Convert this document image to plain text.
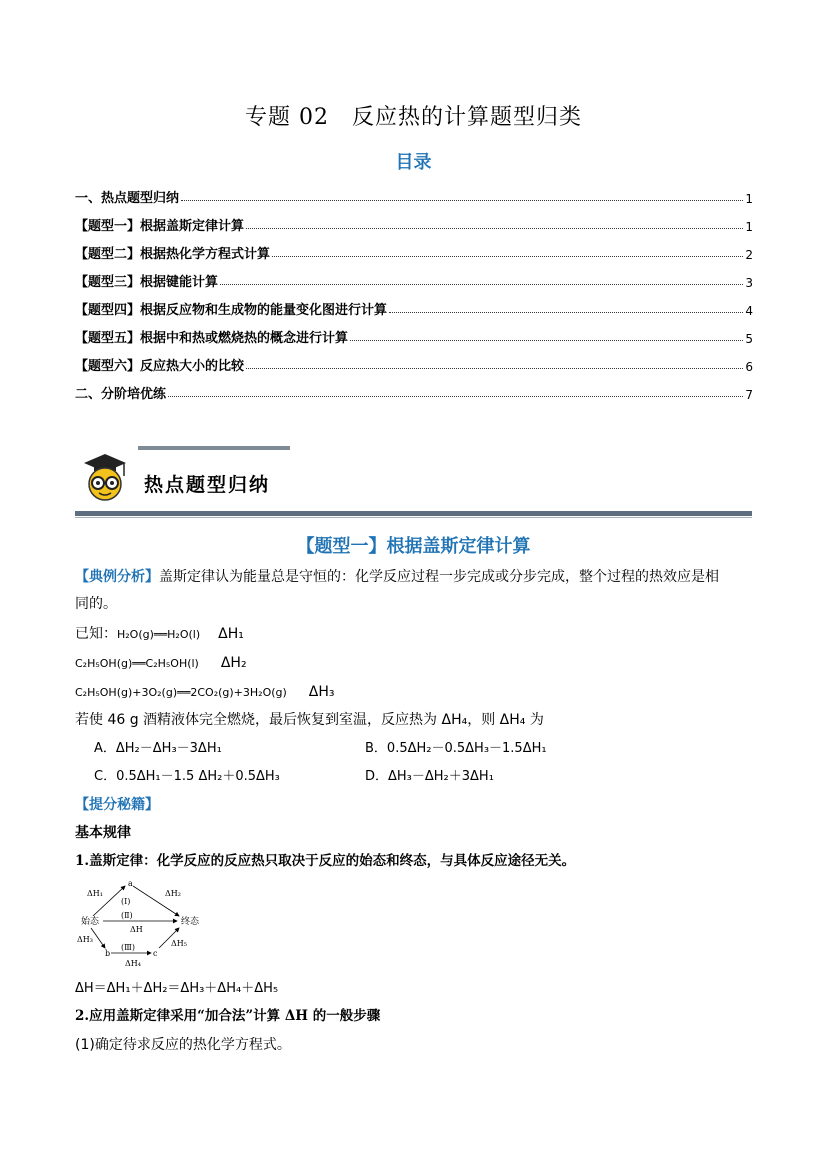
专题 02　反应热的计算题型归类
目录
一、热点题型归纳	1
【题型一】根据盖斯定律计算	1
【题型二】根据热化学方程式计算	2
【题型三】根据键能计算	3
【题型四】根据反应物和生成物的能量变化图进行计算	4
【题型五】根据中和热或燃烧热的概念进行计算	5
【题型六】反应热大小的比较	6
二、分阶培优练	7
热点题型归纳
【题型一】根据盖斯定律计算
【典例分析】盖斯定律认为能量总是守恒的：化学反应过程一步完成或分步完成，整个过程的热效应是相
同的。
已知：H₂O(g)══H₂O(l) ΔH₁
C₂H₅OH(g)══C₂H₅OH(l) ΔH₂
C₂H₅OH(g)+3O₂(g)══2CO₂(g)+3H₂O(g) ΔH₃
若使 46 g 酒精液体完全燃烧，最后恢复到室温，反应热为 ΔH₄，则 ΔH₄ 为
A．ΔH₂－ΔH₃－3ΔH₁	B．0.5ΔH₂－0.5ΔH₃－1.5ΔH₁
C．0.5ΔH₁－1.5 ΔH₂＋0.5ΔH₃	D．ΔH₃－ΔH₂＋3ΔH₁
【提分秘籍】
基本规律
1.盖斯定律：化学反应的反应热只取决于反应的始态和终态，与具体反应途径无关。
始态	终态
a
b	c
ΔH₁	ΔH₂
(Ⅰ)
(Ⅱ)
ΔH
ΔH₃
(Ⅲ)
ΔH₄
ΔH₅
ΔH＝ΔH₁＋ΔH₂＝ΔH₃＋ΔH₄＋ΔH₅
2.应用盖斯定律采用“加合法”计算 ΔH 的一般步骤
(1)确定待求反应的热化学方程式。
